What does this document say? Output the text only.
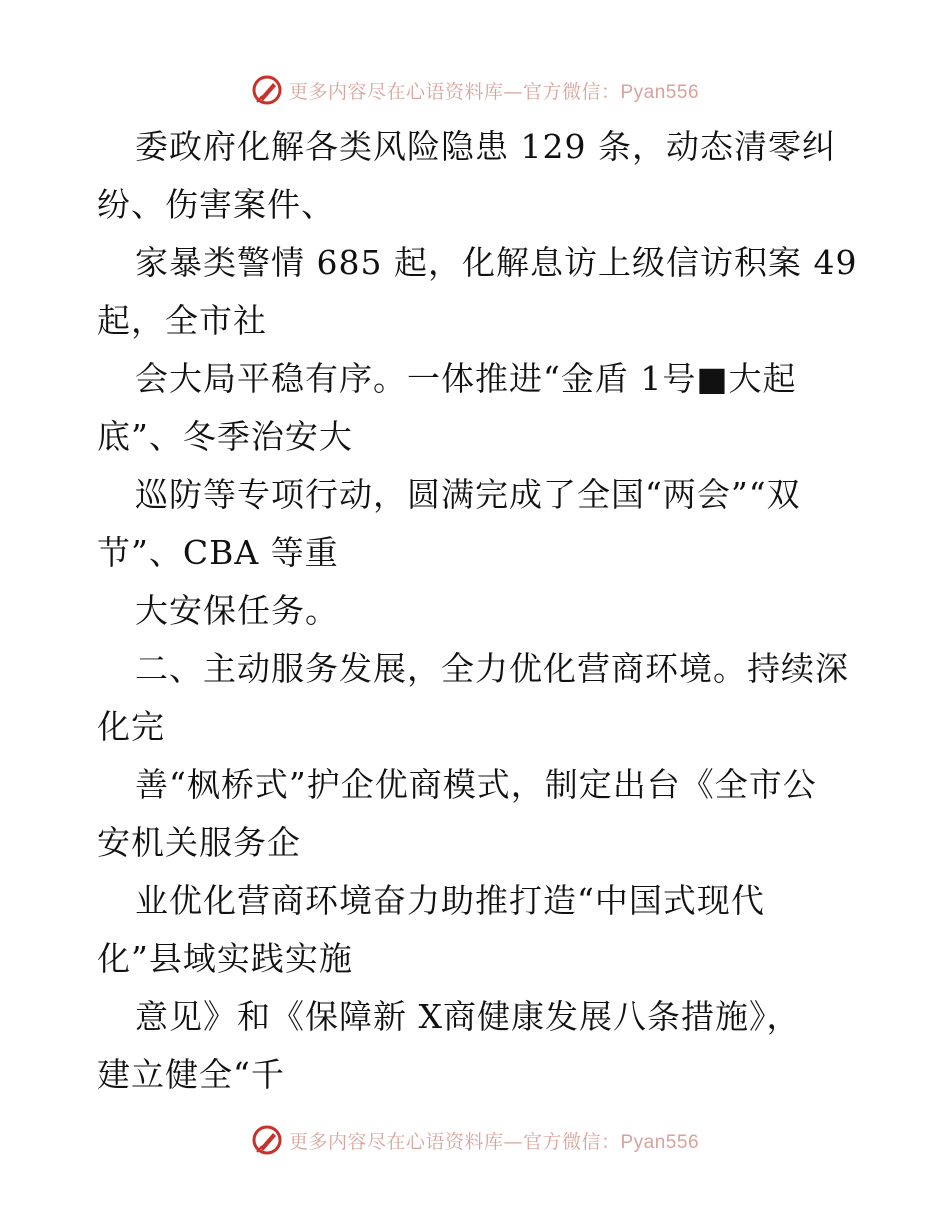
更多内容尽在心语资料库—官方微信：Pyan556
委政府化解各类风险隐患 129 条，动态清零纠
纷、伤害案件、
家暴类警情 685 起，化解息访上级信访积案 49
起，全市社
会大局平稳有序。一体推进“金盾 1号■大起
底”、冬季治安大
巡防等专项行动，圆满完成了全国“两会”“双
节”、CBA 等重
大安保任务。
二、主动服务发展，全力优化营商环境。持续深
化完
善“枫桥式”护企优商模式，制定出台《全市公
安机关服务企
业优化营商环境奋力助推打造“中国式现代
化”县域实践实施
意见》和《保障新 X商健康发展八条措施》，
建立健全“千
更多内容尽在心语资料库—官方微信：Pyan556
